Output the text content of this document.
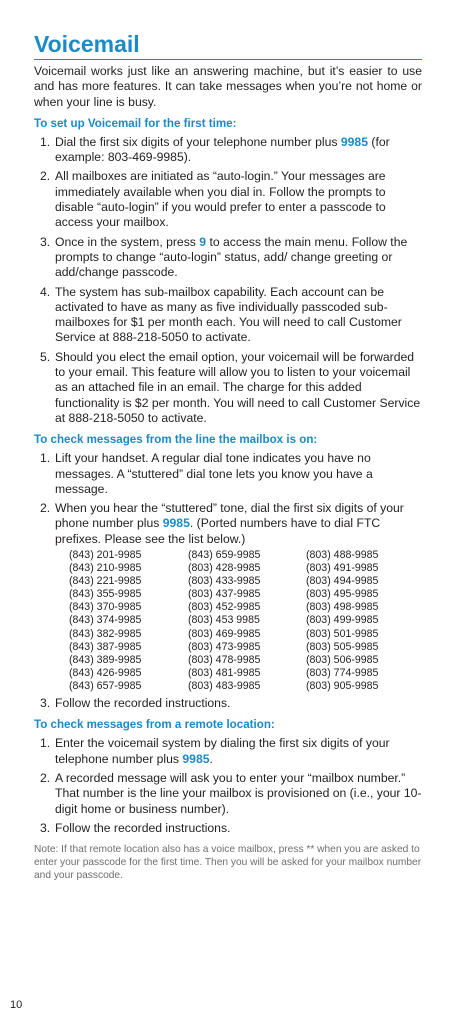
Voicemail

Voicemail works just like an answering machine, but it’s easier to use and has more features. It can take messages when you’re not home or when your line is busy.

To set up Voicemail for the first time:
1. Dial the first six digits of your telephone number plus 9985 (for example: 803-469-9985).
2. All mailboxes are initiated as “auto-login.” Your messages are immediately available when you dial in. Follow the prompts to disable “auto-login” if you would prefer to enter a passcode to access your mailbox.
3. Once in the system, press 9 to access the main menu. Follow the prompts to change “auto-login” status, add/ change greeting or add/change passcode.
4. The system has sub-mailbox capability. Each account can be activated to have as many as five individually passcoded sub-mailboxes for $1 per month each. You will need to call Customer Service at 888-218-5050 to activate.
5. Should you elect the email option, your voicemail will be forwarded to your email. This feature will allow you to listen to your voicemail as an attached file in an email. The charge for this added functionality is $2 per month. You will need to call Customer Service at 888-218-5050 to activate.
To check messages from the line the mailbox is on:
1. Lift your handset. A regular dial tone indicates you have no messages. A “stuttered” dial tone lets you know you have a message.
2. When you hear the “stuttered” tone, dial the first six digits of your phone number plus 9985. (Ported numbers have to dial FTC prefixes. Please see the list below.)
(843) 201-9985	(843) 659-9985	(803) 488-9985
(843) 210-9985	(803) 428-9985	(803) 491-9985
(843) 221-9985	(803) 433-9985	(803) 494-9985
(843) 355-9985	(803) 437-9985	(803) 495-9985
(843) 370-9985	(803) 452-9985	(803) 498-9985
(843) 374-9985	(803) 453 9985	(803) 499-9985
(843) 382-9985	(803) 469-9985	(803) 501-9985
(843) 387-9985	(803) 473-9985	(803) 505-9985
(843) 389-9985	(803) 478-9985	(803) 506-9985
(843) 426-9985	(803) 481-9985	(803) 774-9985
(843) 657-9985	(803) 483-9985	(803) 905-9985
3. Follow the recorded instructions.
To check messages from a remote location:
1. Enter the voicemail system by dialing the first six digits of your telephone number plus 9985.
2. A recorded message will ask you to enter your “mailbox number.” That number is the line your mailbox is provisioned on (i.e., your 10-digit home or business number).
3. Follow the recorded instructions.

Note: If that remote location also has a voice mailbox, press ** when you are asked to enter your passcode for the first time. Then you will be asked for your mailbox number and your passcode.

10
